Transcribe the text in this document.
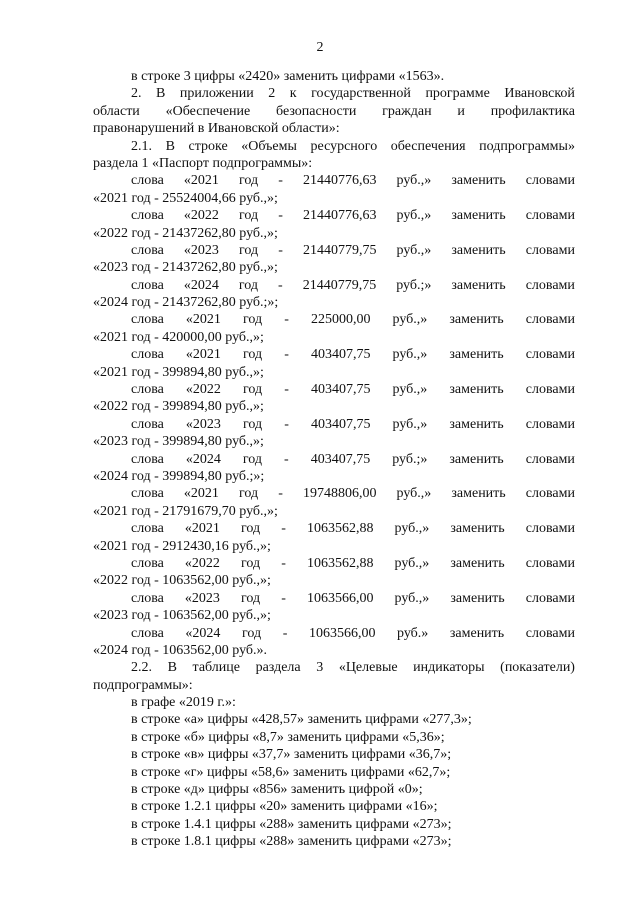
2
в строке 3 цифры «2420» заменить цифрами «1563».
2. В приложении 2 к государственной программе Ивановской
области «Обеспечение безопасности граждан и профилактика
правонарушений в Ивановской области»:
2.1. В строке «Объемы ресурсного обеспечения подпрограммы»
раздела 1 «Паспорт подпрограммы»:
слова «2021 год - 21440776,63 руб.,» заменить словами
«2021 год - 25524004,66 руб.,»;
слова «2022 год - 21440776,63 руб.,» заменить словами
«2022 год - 21437262,80 руб.,»;
слова «2023 год - 21440779,75 руб.,» заменить словами
«2023 год - 21437262,80 руб.,»;
слова «2024 год - 21440779,75 руб.;» заменить словами
«2024 год - 21437262,80 руб.;»;
слова «2021 год - 225000,00 руб.,» заменить словами
«2021 год - 420000,00 руб.,»;
слова «2021 год - 403407,75 руб.,» заменить словами
«2021 год - 399894,80 руб.,»;
слова «2022 год - 403407,75 руб.,» заменить словами
«2022 год - 399894,80 руб.,»;
слова «2023 год - 403407,75 руб.,» заменить словами
«2023 год - 399894,80 руб.,»;
слова «2024 год - 403407,75 руб.;» заменить словами
«2024 год - 399894,80 руб.;»;
слова «2021 год - 19748806,00 руб.,» заменить словами
«2021 год - 21791679,70 руб.,»;
слова «2021 год - 1063562,88 руб.,» заменить словами
«2021 год - 2912430,16 руб.,»;
слова «2022 год - 1063562,88 руб.,» заменить словами
«2022 год - 1063562,00 руб.,»;
слова «2023 год - 1063566,00 руб.,» заменить словами
«2023 год - 1063562,00 руб.,»;
слова «2024 год - 1063566,00 руб.» заменить словами
«2024 год - 1063562,00 руб.».
2.2. В таблице раздела 3 «Целевые индикаторы (показатели)
подпрограммы»:
в графе «2019 г.»:
в строке «а» цифры «428,57» заменить цифрами «277,3»;
в строке «б» цифры «8,7» заменить цифрами «5,36»;
в строке «в» цифры «37,7» заменить цифрами «36,7»;
в строке «г» цифры «58,6» заменить цифрами «62,7»;
в строке «д» цифры «856» заменить цифрой «0»;
в строке 1.2.1 цифры «20» заменить цифрами «16»;
в строке 1.4.1 цифры «288» заменить цифрами «273»;
в строке 1.8.1 цифры «288» заменить цифрами «273»;
